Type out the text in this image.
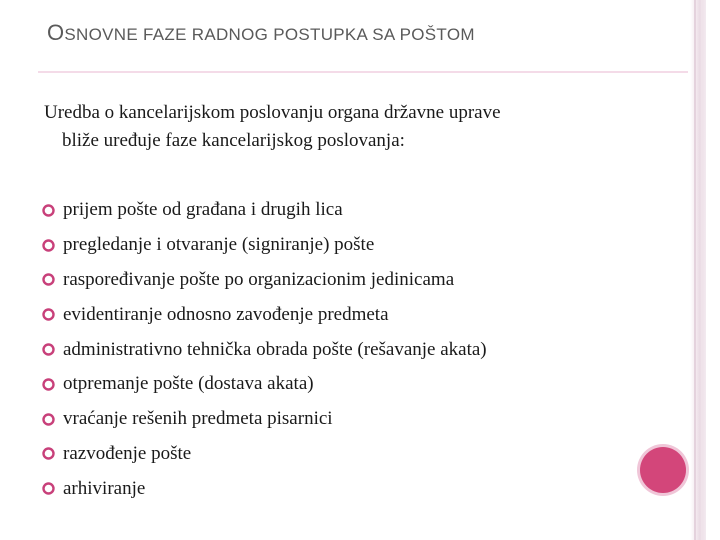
OSNOVNE FAZE RADNOG POSTUPKA SA POŠTOM
Uredba o kancelarijskom poslovanju organa državne uprave
bliže uređuje faze kancelarijskog poslovanja:
prijem pošte od građana i drugih lica
pregledanje i otvaranje (signiranje) pošte
raspoređivanje pošte po organizacionim jedinicama
evidentiranje odnosno zavođenje predmeta
administrativno tehnička obrada pošte (rešavanje akata)
otpremanje pošte (dostava akata)
vraćanje rešenih predmeta pisarnici
razvođenje pošte
arhiviranje
